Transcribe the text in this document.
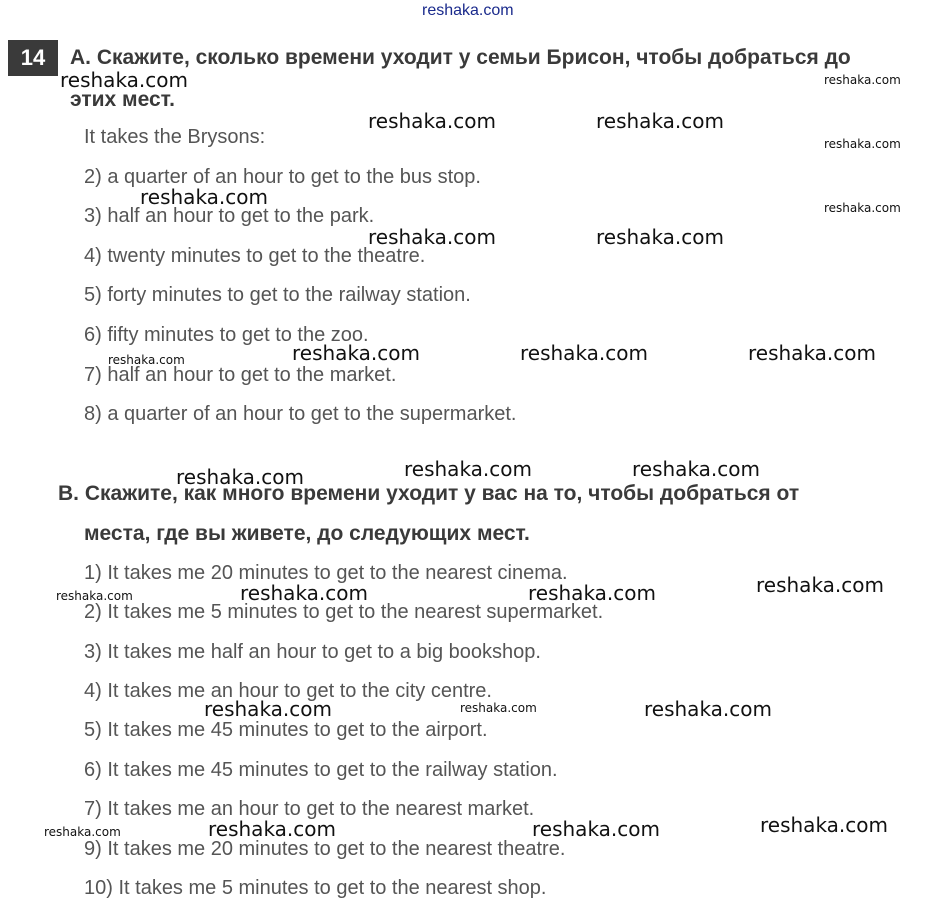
reshaka.com
14	А. Скажите, сколько времени уходит у семьи Брисон, чтобы добраться до
этих мест.
It takes the Brysons:
2) a quarter of an hour to get to the bus stop.
3) half an hour to get to the park.
4) twenty minutes to get to the theatre.
5) forty minutes to get to the railway station.
6) fifty minutes to get to the zoo.
7) half an hour to get to the market.
8) a quarter of an hour to get to the supermarket.
В. Скажите, как много времени уходит у вас на то, чтобы добраться от
места, где вы живете, до следующих мест.
1) It takes me 20 minutes to get to the nearest cinema.
2) It takes me 5 minutes to get to the nearest supermarket.
3) It takes me half an hour to get to a big bookshop.
4) It takes me an hour to get to the city centre.
5) It takes me 45 minutes to get to the airport.
6) It takes me 45 minutes to get to the railway station.
7) It takes me an hour to get to the nearest market.
9) It takes me 20 minutes to get to the nearest theatre.
10) It takes me 5 minutes to get to the nearest shop.
reshaka.com	reshaka.com
reshaka.com	reshaka.com
reshaka.com
reshaka.com	reshaka.com
reshaka.com	reshaka.com
reshaka.com	reshaka.com	reshaka.com	reshaka.com
reshaka.com	reshaka.com	reshaka.com
reshaka.com	reshaka.com	reshaka.com	reshaka.com
reshaka.com	reshaka.com	reshaka.com
reshaka.com	reshaka.com	reshaka.com	reshaka.com
